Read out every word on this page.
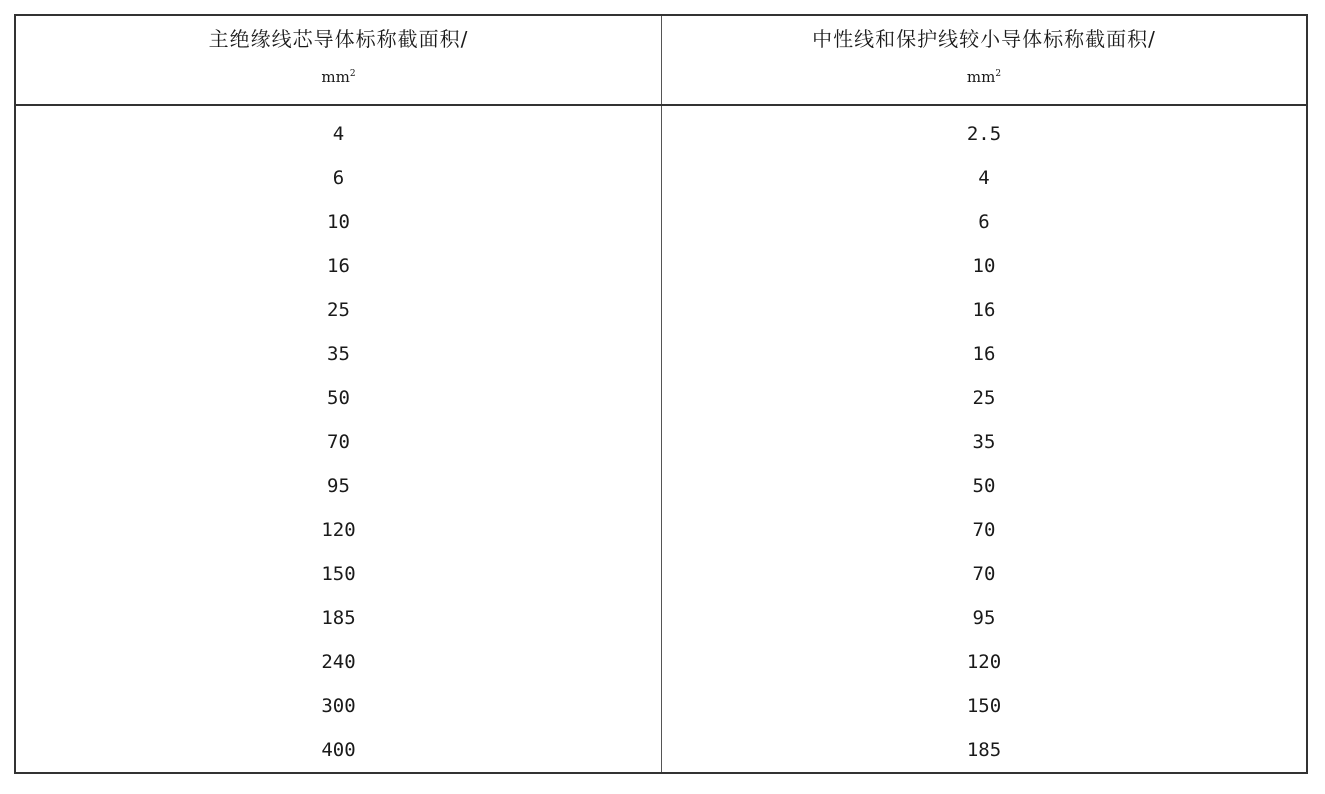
主绝缘线芯导体标称截面积/
$mm^2$
中性线和保护线较小导体标称截面积/
$mm^2$
4
6
10
16
25
35
50
70
95
120
150
185
240
300
400
2.5
4
6
10
16
16
25
35
50
70
70
95
120
150
185
